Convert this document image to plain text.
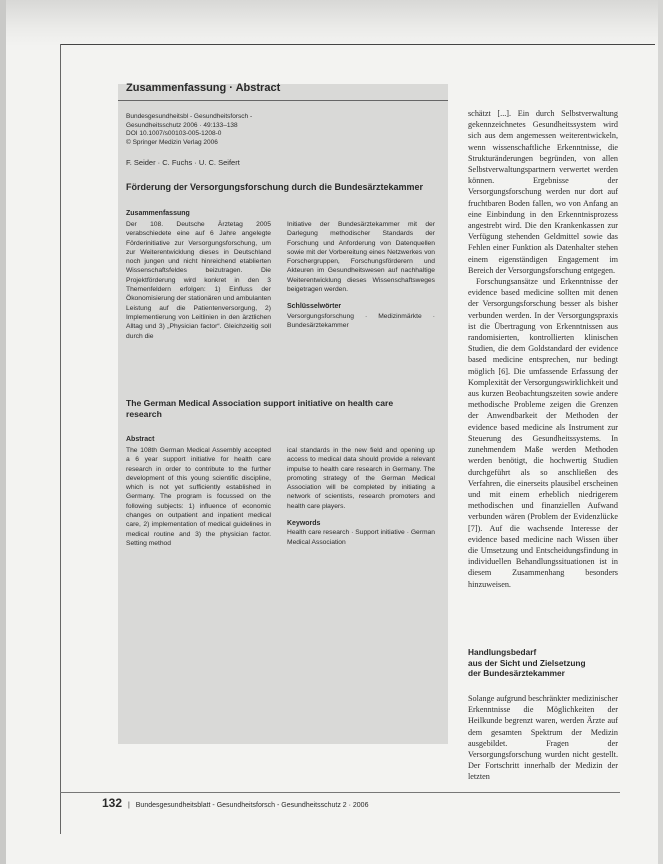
Zusammenfassung · Abstract
Bundesgesundheitsbl - Gesundheitsforsch -
Gesundheitsschutz 2006 · 49:133–138
DOI 10.1007/s00103-005-1208-0
© Springer Medizin Verlag 2006
F. Seider · C. Fuchs · U. C. Seifert
Förderung der Versorgungsforschung durch die Bundesärztekammer
Zusammenfassung

Der 108. Deutsche Ärztetag 2005 verabschiedete eine auf 6 Jahre angelegte Förderinitiative zur Versorgungsforschung, um zur Weiterentwicklung dieses in Deutschland noch jungen und nicht hinreichend etablierten Wissenschaftsfeldes beizutragen. Die Projektförderung wird konkret in den 3 Themenfeldern erfolgen: 1) Einfluss der Ökonomisierung der stationären und ambulanten Leistung auf die Patientenversorgung, 2) Implementierung von Leitlinien in den ärztlichen Alltag und 3) „Physician factor“. Gleichzeitig soll durch die

Initiative der Bundesärztekammer mit der Darlegung methodischer Standards der Forschung und Anforderung von Datenquellen sowie mit der Vorbereitung eines Netzwerkes von Forschergruppen, Forschungsförderern und Akteuren im Gesundheitswesen auf nachhaltige Weiterentwicklung dieses Wissenschaftsweges beigetragen werden.

Schlüsselwörter

Versorgungsforschung · Medizinmärkte · Bundesärztekammer

The German Medical Association support initiative on health care research
Abstract

The 108th German Medical Assembly accepted a 6 year support initiative for health care research in order to contribute to the further development of this young scientific discipline, which is not yet sufficiently established in Germany. The program is focussed on the following subjects: 1) influence of economic changes on outpatient and inpatient medical care, 2) implementation of medical guidelines in medical routine and 3) the physician factor. Setting method

ical standards in the new field and opening up access to medical data should provide a relevant impulse to health care research in Germany. The promoting strategy of the German Medical Association will be completed by initiating a network of scientists, research promoters and health care players.

Keywords

Health care research · Support initiative · German Medical Association

schätzt [...]. Ein durch Selbstverwaltung gekennzeichnetes Gesundheitssystem wird sich aus dem angemessen weiterentwickeln, wenn wissenschaftliche Erkenntnisse, die Strukturänderungen begründen, von allen Selbstverwaltungspartnern verwertet werden können. Ergebnisse der Versorgungsforschung werden nur dort auf fruchtbaren Boden fallen, wo von Anfang an eine Einbindung in den Erkenntnisprozess angestrebt wird. Die den Krankenkassen zur Verfügung stehenden Geldmittel sowie das Fehlen einer Funktion als Datenhalter stehen einem eigenständigen Engagement im Bereich der Versorgungsforschung entgegen.

Forschungsansätze und Erkenntnisse der evidence based medicine sollten mit denen der Versorgungsforschung besser als bisher verbunden werden. In der Versorgungspraxis ist die Übertragung von Erkenntnissen aus randomisierten, kontrollierten klinischen Studien, die dem Goldstandard der evidence based medicine entsprechen, nur bedingt möglich [6]. Die umfassende Erfassung der Komplexität der Versorgungswirklichkeit und aus kurzen Beobachtungszeiten sowie andere methodische Probleme zeigen die Grenzen der Anwendbarkeit der Methoden der evidence based medicine als Instrument zur Steuerung des Gesundheitssystems. In zunehmendem Maße werden Methoden werden benötigt, die hochwertig Studien durchgeführt als so anschließen des Verfahren, die einerseits plausibel erscheinen und mit einem erheblich niedrigerem methodischen und finanziellen Aufwand verbunden wären (Problem der Evidenzlücke [7]). Auf die wachsende Interesse der evidence based medicine nach Wissen über die Umsetzung und Entscheidungsfindung in individuellen Behandlungssituationen ist in diesem Zusammenhang besonders hinzuweisen.

Handlungsbedarf
aus der Sicht und Zielsetzung
der Bundesärztekammer
Solange aufgrund beschränkter medizinischer Erkenntnisse die Möglichkeiten der Heilkunde begrenzt waren, werden Ärzte auf dem gesamten Spektrum der Medizin ausgebildet. Fragen der Versorgungsforschung wurden nicht gestellt. Der Fortschritt innerhalb der Medizin der letzten
132 | Bundesgesundheitsblatt - Gesundheitsforsch - Gesundheitsschutz 2 · 2006
